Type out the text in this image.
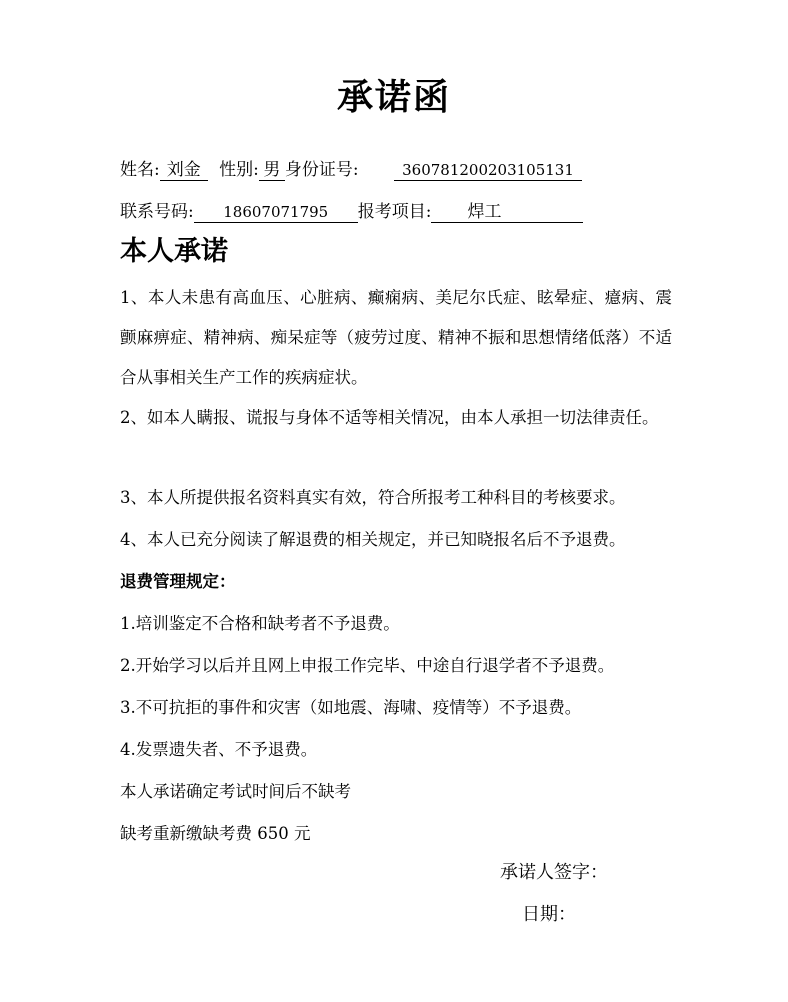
承诺函
姓名: 刘金 性别: 男 身份证号:	360781200203105131
联系号码: 18607071795 报考项目: 焊工
本人承诺
1、本人未患有高血压、心脏病、癫痫病、美尼尔氏症、眩晕症、癔病、震颤麻痹症、精神病、痴呆症等（疲劳过度、精神不振和思想情绪低落）不适合从事相关生产工作的疾病症状。
2、如本人瞒报、谎报与身体不适等相关情况，由本人承担一切法律责任。
3、本人所提供报名资料真实有效，符合所报考工种科目的考核要求。
4、本人已充分阅读了解退费的相关规定，并已知晓报名后不予退费。
退费管理规定：
1.培训鉴定不合格和缺考者不予退费。
2.开始学习以后并且网上申报工作完毕、中途自行退学者不予退费。
3.不可抗拒的事件和灾害（如地震、海啸、疫情等）不予退费。
4.发票遗失者、不予退费。
本人承诺确定考试时间后不缺考
缺考重新缴缺考费 650 元
承诺人签字：
日期：
